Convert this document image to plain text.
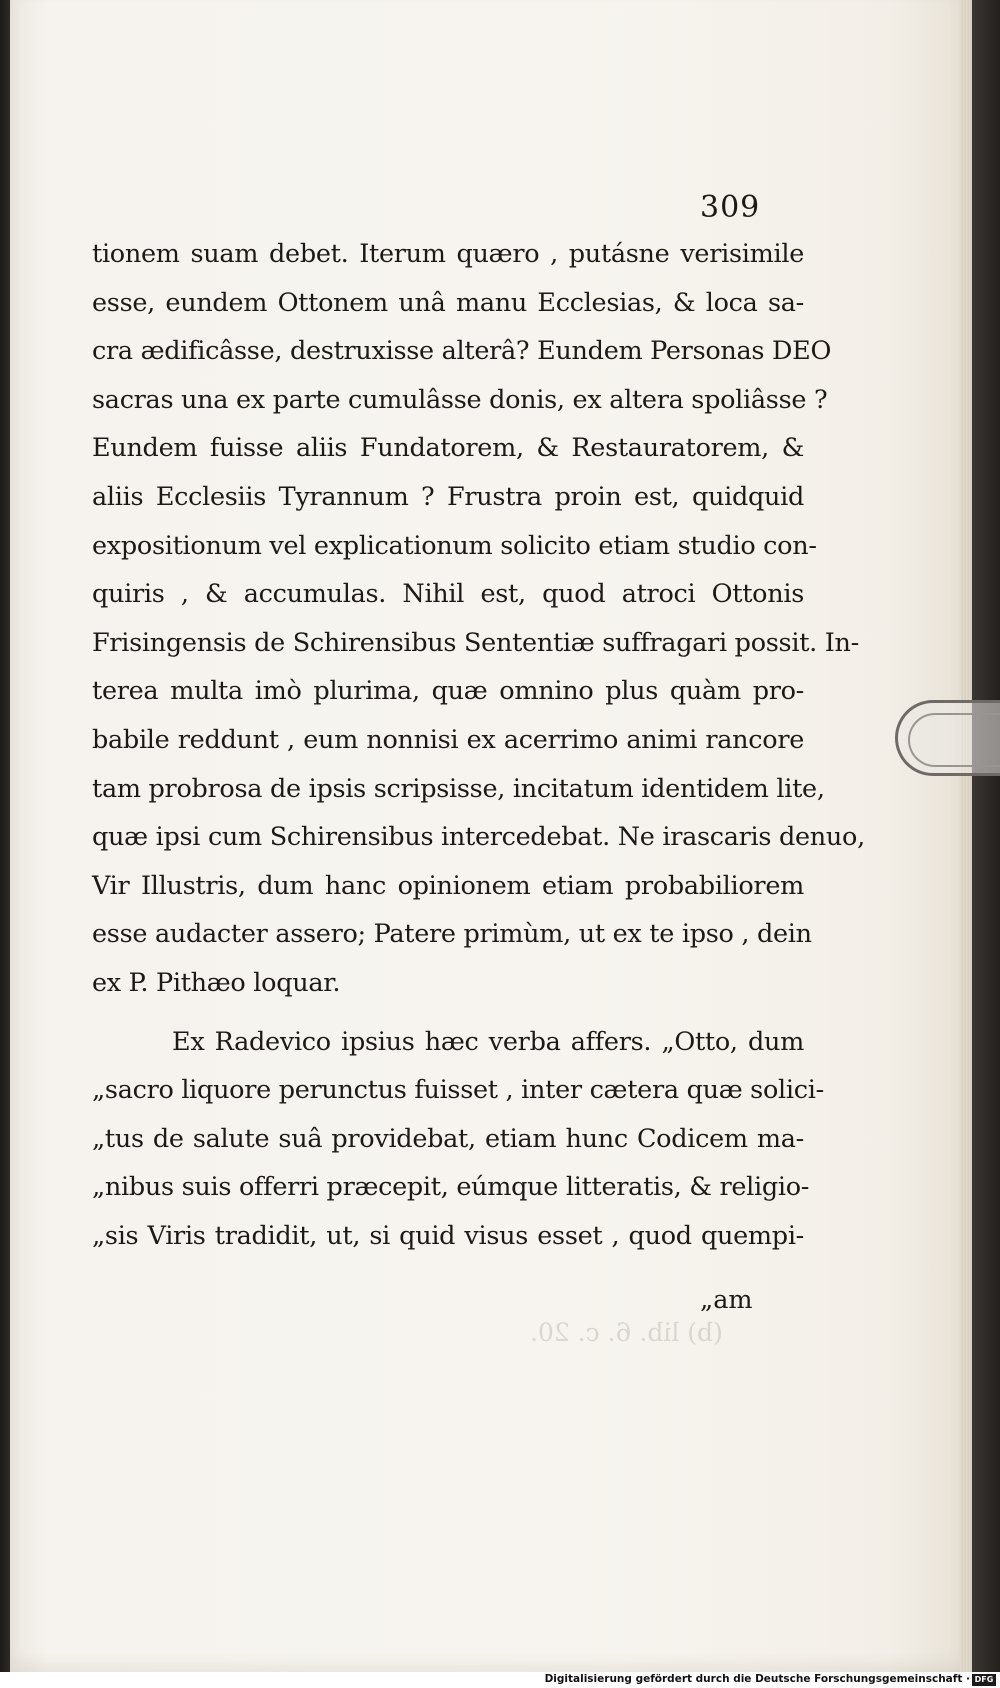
309
(b) lib. 6. c. 20.
tionem suam debet. Iterum quæro , putásne verisimile
esse, eundem Ottonem unâ manu Ecclesias, & loca sa-
cra ædificâsse, destruxisse alterâ? Eundem Personas DEO
sacras una ex parte cumulâsse donis, ex altera spoliâsse ?
Eundem fuisse aliis Fundatorem, & Restauratorem, &
aliis Ecclesiis Tyrannum ? Frustra proin est, quidquid
expositionum vel explicationum solicito etiam studio con-
quiris , & accumulas. Nihil est, quod atroci Ottonis
Frisingensis de Schirensibus Sententiæ suffragari possit. In-
terea multa imò plurima, quæ omnino plus quàm pro-
babile reddunt , eum nonnisi ex acerrimo animi rancore
tam probrosa de ipsis scripsisse, incitatum identidem lite,
quæ ipsi cum Schirensibus intercedebat. Ne irascaris denuo,
Vir Illustris, dum hanc opinionem etiam probabiliorem
esse audacter assero; Patere primùm, ut ex te ipso , dein
ex P. Pithæo loquar.
Ex Radevico ipsius hæc verba affers. „Otto, dum
„sacro liquore perunctus fuisset , inter cætera quæ solici-
„tus de salute suâ providebat, etiam hunc Codicem ma-
„nibus suis offerri præcepit, eúmque litteratis, & religio-
„sis Viris tradidit, ut, si quid visus esset , quod quempi-
„am
Digitalisierung gefördert durch die Deutsche Forschungsgemeinschaft · DFG
